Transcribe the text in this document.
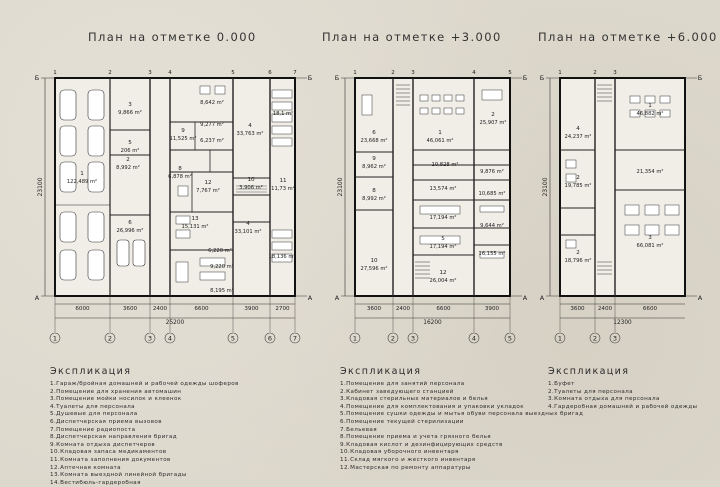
План на отметке 0.000	План на отметке +3.000	План на отметке +6.000
Б
А
Б
А
23100
6000	3600	2400	6600	3900	2700
25200
1	2	3 4	5	6	7
1	2	3	4	5	6	7
Б
А
Б
А
23100
3600	2400	6600	3900
16200
1	2 3	4	5
1	2	3	4	5
Б
А
Б
А
23100
3600 2400	6600
12300
1	2 3
1	2	3
1
122,489 m²
2
8,992 m²
3
9,866 m²
5
206 m²
6
26,996 m²
8,642 m²
9,277 m²
9
11,525 m² 6,237 m²
4
33,763 m²
8
6,878 m²
12
7,767 m²
13
15,131 m²
6,220 m²
9,220 m²
8,195 m²
4
33,101 m²
10
3,906 m²
11
11,73 m²
18,1 m²
18,136 m²
6
23,668 m²
1
46,061 m²
2
25,907 m²
9
8,962 m²
8
8,992 m²
10,828 m²
13,574 m²
9,876 m²
10,685 m²
17,194 m²
9,644 m²
10
27,596 m²
5
17,194 m²
16,155 m²
12
26,004 m²
4
24,237 m²
1
46,882 m²
2
19,785 m²
21,354 m²
2
18,796 m²
3
66,081 m²
Экспликация
1.Гараж/бройная домашней и рабочей одежды шоферов
2.Помещение для хранения автомашин
3.Помещение мойки носилок и клеенок
4.Туалеты для персонала
5.Душевые для персонала
6.Диспетчерская приема вызовов
7.Помещение радиопоста
8.Диспетчерская направления бригад
9.Комната отдыха диспетчеров
10.Кладовая запаса медикаментов
11.Комната заполнения документов
12.Аптечная комната
13.Комната выездной линейной бригады
14.Вестибюль-гардеробная
Экспликация
1.Помещение для занятий персонала
2.Кабинет заведующего станцией
3.Кладовая стерильных материалов и белья
4.Помещение для комплектования и упаковки укладок
5.Помещение сушки одежды и мытья обуви персонала выездных бригад
6.Помещение текущей стерилизации
7.Бельевая
8.Помещение приема и учета грязного белья
9.Кладовая кислот и дезинфицирующих средств
10.Кладовая уборочного инвентаря
11.Склад мягкого и жесткого инвентаря
12.Мастерская по ремонту аппаратуры
Экспликация
1.Буфет
2.Туалеты для персонала
3.Комната отдыха для персонала
4.Гардеробная домашней и рабочей одежды
